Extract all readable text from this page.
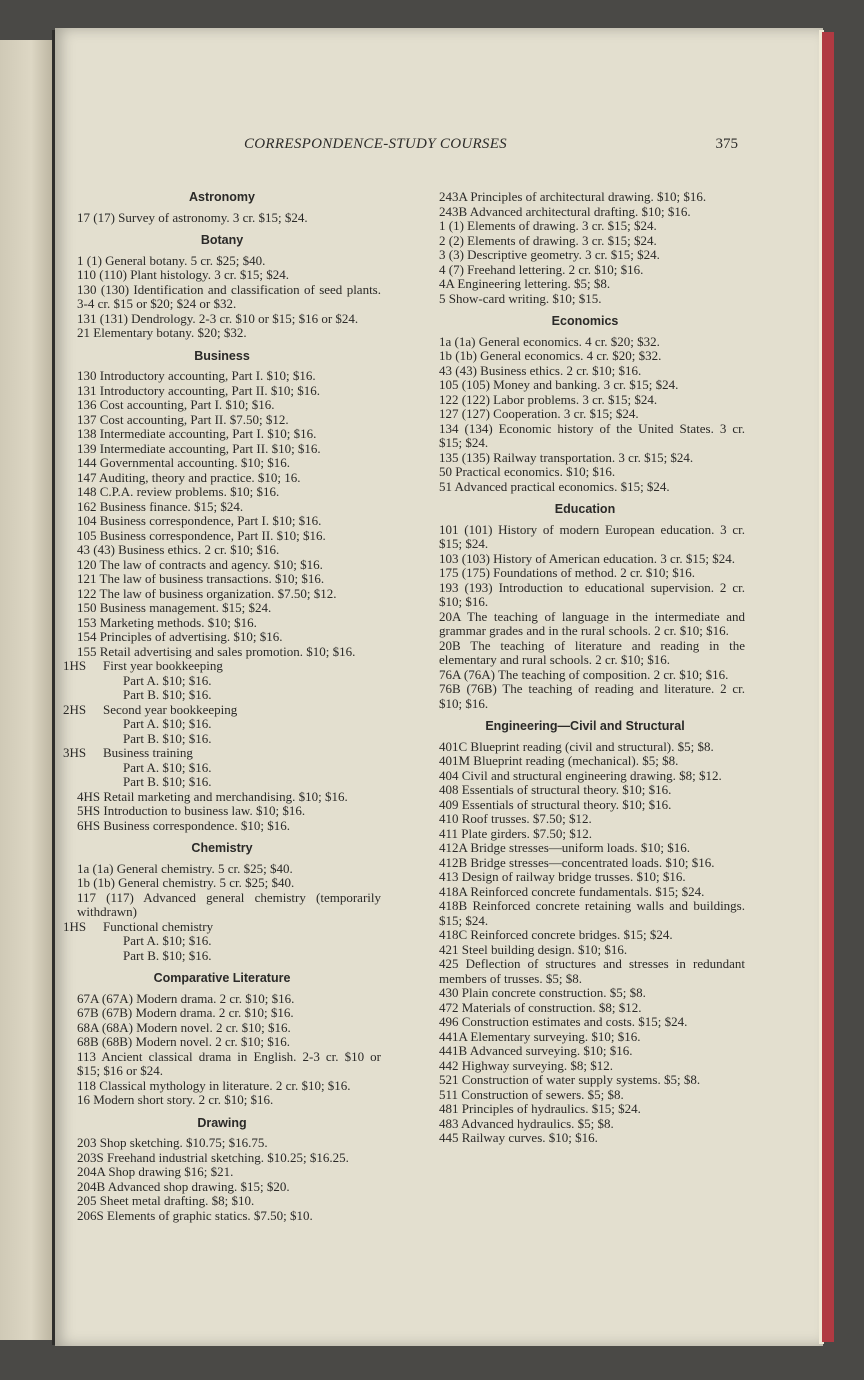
CORRESPONDENCE-STUDY COURSES	375
Astronomy

17 (17) Survey of astronomy. 3 cr. $15; $24.

Botany

1 (1) General botany. 5 cr. $25; $40.

110 (110) Plant histology. 3 cr. $15; $24.

130 (130) Identification and classification of seed plants. 3-4 cr. $15 or $20; $24 or $32.

131 (131) Dendrology. 2-3 cr. $10 or $15; $16 or $24.

21 Elementary botany. $20; $32.

Business

130 Introductory accounting, Part I. $10; $16.

131 Introductory accounting, Part II. $10; $16.

136 Cost accounting, Part I. $10; $16.

137 Cost accounting, Part II. $7.50; $12.

138 Intermediate accounting, Part I. $10; $16.

139 Intermediate accounting, Part II. $10; $16.

144 Governmental accounting. $10; $16.

147 Auditing, theory and practice. $10; 16.

148 C.P.A. review problems. $10; $16.

162 Business finance. $15; $24.

104 Business correspondence, Part I. $10; $16.

105 Business correspondence, Part II. $10; $16.

43 (43) Business ethics. 2 cr. $10; $16.

120 The law of contracts and agency. $10; $16.

121 The law of business transactions. $10; $16.

122 The law of business organization. $7.50; $12.

150 Business management. $15; $24.

153 Marketing methods. $10; $16.

154 Principles of advertising. $10; $16.

155 Retail advertising and sales promotion. $10; $16.

1HS	First year bookkeeping

Part A. $10; $16.

Part B. $10; $16.

2HS	Second year bookkeeping

Part A. $10; $16.

Part B. $10; $16.

3HS	Business training

Part A. $10; $16.

Part B. $10; $16.

4HS Retail marketing and merchandising. $10; $16.

5HS Introduction to business law. $10; $16.

6HS Business correspondence. $10; $16.

Chemistry

1a (1a) General chemistry. 5 cr. $25; $40.

1b (1b) General chemistry. 5 cr. $25; $40.

117 (117) Advanced general chemistry (temporarily withdrawn)

1HS	Functional chemistry

Part A. $10; $16.

Part B. $10; $16.

Comparative Literature

67A (67A) Modern drama. 2 cr. $10; $16.

67B (67B) Modern drama. 2 cr. $10; $16.

68A (68A) Modern novel. 2 cr. $10; $16.

68B (68B) Modern novel. 2 cr. $10; $16.

113 Ancient classical drama in English. 2-3 cr. $10 or $15; $16 or $24.

118 Classical mythology in literature. 2 cr. $10; $16.

16 Modern short story. 2 cr. $10; $16.

Drawing

203 Shop sketching. $10.75; $16.75.

203S Freehand industrial sketching. $10.25; $16.25.

204A Shop drawing $16; $21.

204B Advanced shop drawing. $15; $20.

205 Sheet metal drafting. $8; $10.

206S Elements of graphic statics. $7.50; $10.

243A Principles of architectural drawing. $10; $16.

243B Advanced architectural drafting. $10; $16.

1 (1) Elements of drawing. 3 cr. $15; $24.

2 (2) Elements of drawing. 3 cr. $15; $24.

3 (3) Descriptive geometry. 3 cr. $15; $24.

4 (7) Freehand lettering. 2 cr. $10; $16.

4A Engineering lettering. $5; $8.

5 Show-card writing. $10; $15.

Economics

1a (1a) General economics. 4 cr. $20; $32.

1b (1b) General economics. 4 cr. $20; $32.

43 (43) Business ethics. 2 cr. $10; $16.

105 (105) Money and banking. 3 cr. $15; $24.

122 (122) Labor problems. 3 cr. $15; $24.

127 (127) Cooperation. 3 cr. $15; $24.

134 (134) Economic history of the United States. 3 cr. $15; $24.

135 (135) Railway transportation. 3 cr. $15; $24.

50 Practical economics. $10; $16.

51 Advanced practical economics. $15; $24.

Education

101 (101) History of modern European education. 3 cr. $15; $24.

103 (103) History of American education. 3 cr. $15; $24.

175 (175) Foundations of method. 2 cr. $10; $16.

193 (193) Introduction to educational supervision. 2 cr. $10; $16.

20A The teaching of language in the intermediate and grammar grades and in the rural schools. 2 cr. $10; $16.

20B The teaching of literature and reading in the elementary and rural schools. 2 cr. $10; $16.

76A (76A) The teaching of composition. 2 cr. $10; $16.

76B (76B) The teaching of reading and literature. 2 cr. $10; $16.

Engineering—Civil and Structural

401C Blueprint reading (civil and structural). $5; $8.

401M Blueprint reading (mechanical). $5; $8.

404 Civil and structural engineering drawing. $8; $12.

408 Essentials of structural theory. $10; $16.

409 Essentials of structural theory. $10; $16.

410 Roof trusses. $7.50; $12.

411 Plate girders. $7.50; $12.

412A Bridge stresses—uniform loads. $10; $16.

412B Bridge stresses—concentrated loads. $10; $16.

413 Design of railway bridge trusses. $10; $16.

418A Reinforced concrete fundamentals. $15; $24.

418B Reinforced concrete retaining walls and buildings. $15; $24.

418C Reinforced concrete bridges. $15; $24.

421 Steel building design. $10; $16.

425 Deflection of structures and stresses in redundant members of trusses. $5; $8.

430 Plain concrete construction. $5; $8.

472 Materials of construction. $8; $12.

496 Construction estimates and costs. $15; $24.

441A Elementary surveying. $10; $16.

441B Advanced surveying. $10; $16.

442 Highway surveying. $8; $12.

521 Construction of water supply systems. $5; $8.

511 Construction of sewers. $5; $8.

481 Principles of hydraulics. $15; $24.

483 Advanced hydraulics. $5; $8.

445 Railway curves. $10; $16.
